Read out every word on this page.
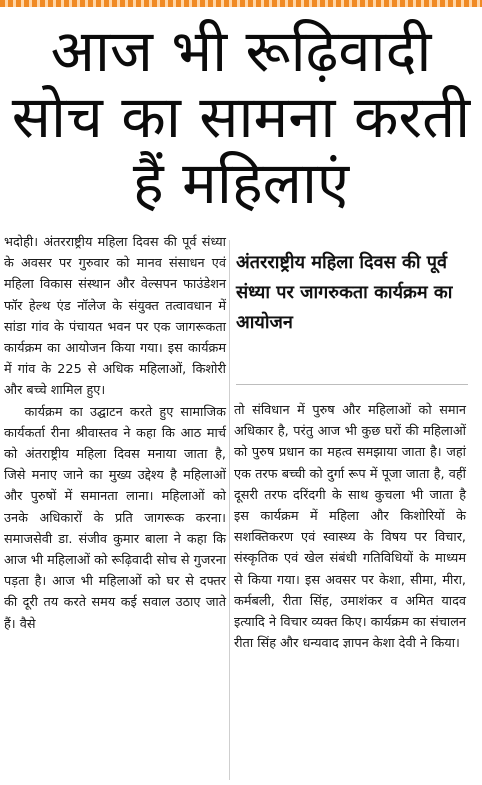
आज भी रूढ़िवादी सोच का सामना करती हैं महिलाएं

भदोही। अंतरराष्ट्रीय महिला दिवस की पूर्व संध्या के अवसर पर गुरुवार को मानव संसाधन एवं महिला विकास संस्थान और वेल्सपन फाउंडेशन फॉर हेल्थ एंड नॉलेज के संयुक्त तत्वावधान में सांडा गांव के पंचायत भवन पर एक जागरूकता कार्यक्रम का आयोजन किया गया। इस कार्यक्रम में गांव के 225 से अधिक महिलाओं, किशोरी और बच्चे शामिल हुए।

कार्यक्रम का उद्घाटन करते हुए सामाजिक कार्यकर्ता रीना श्रीवास्तव ने कहा कि आठ मार्च को अंतराष्ट्रीय महिला दिवस मनाया जाता है, जिसे मनाए जाने का मुख्य उद्देश्य है महिलाओं और पुरुषों में समानता लाना। महिलाओं को उनके अधिकारों के प्रति जागरूक करना। समाजसेवी डा. संजीव कुमार बाला ने कहा कि आज भी महिलाओं को रूढ़िवादी सोच से गुजरना पड़ता है। आज भी महिलाओं को घर से दफ्तर की दूरी तय करते समय कई सवाल उठाए जाते हैं। वैसे

अंतरराष्ट्रीय महिला दिवस की पूर्व संध्या पर जागरुकता कार्यक्रम का आयोजन

तो संविधान में पुरुष और महिलाओं को समान अधिकार है, परंतु आज भी कुछ घरों की महिलाओं को पुरुष प्रधान का महत्व समझाया जाता है। जहां एक तरफ बच्ची को दुर्गा रूप में पूजा जाता है, वहीं दूसरी तरफ दरिंदगी के साथ कुचला भी जाता है इस कार्यक्रम में महिला और किशोरियों के सशक्तिकरण एवं स्वास्थ्य के विषय पर विचार, संस्कृतिक एवं खेल संबंधी गतिविधियों के माध्यम से किया गया। इस अवसर पर केशा, सीमा, मीरा, कर्मबली, रीता सिंह, उमाशंकर व अमित यादव इत्यादि ने विचार व्यक्त किए। कार्यक्रम का संचालन रीता सिंह और धन्यवाद ज्ञापन केशा देवी ने किया।
